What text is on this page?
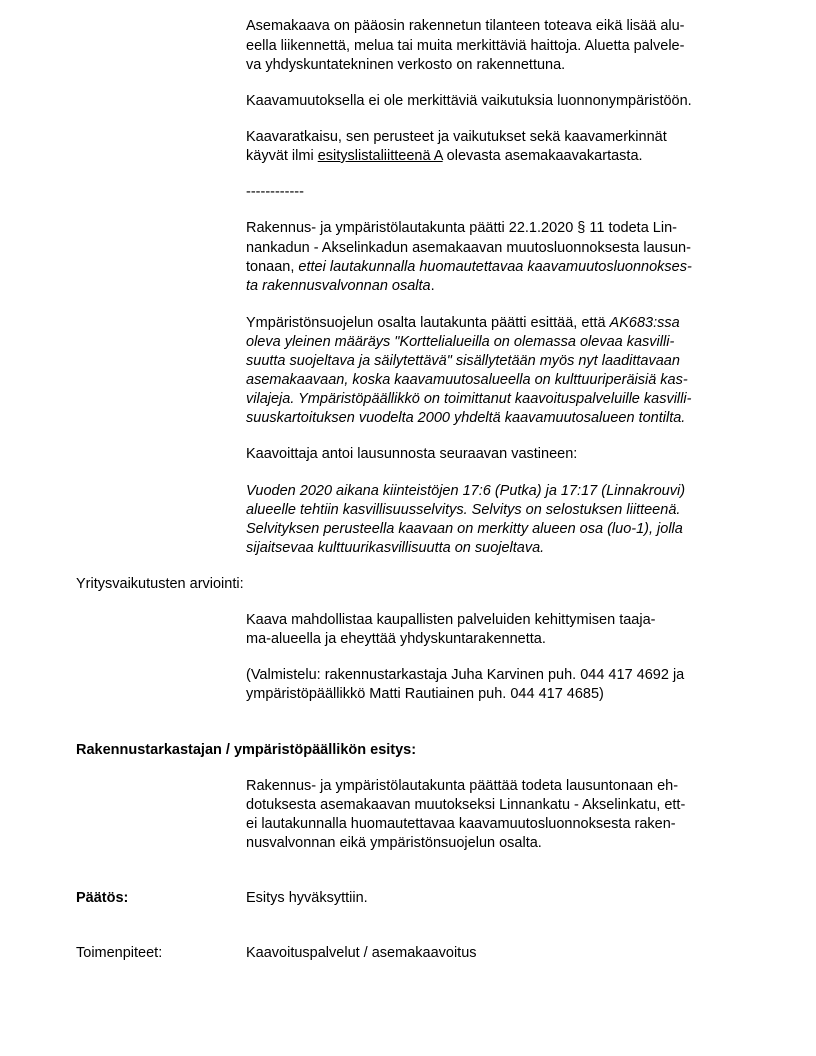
Asemakaava on pääosin rakennetun tilanteen toteava eikä lisää alu-
eella liikennettä, melua tai muita merkittäviä haittoja. Aluetta palvele-
va yhdyskuntatekninen verkosto on rakennettuna.
Kaavamuutoksella ei ole merkittäviä vaikutuksia luonnonympäristöön.
Kaavaratkaisu, sen perusteet ja vaikutukset sekä kaavamerkinnät
käyvät ilmi esityslistaliitteenä A olevasta asemakaavakartasta.
------------
Rakennus- ja ympäristölautakunta päätti 22.1.2020 § 11 todeta Lin-
nankadun - Akselinkadun asemakaavan muutosluonnoksesta lausun-
tonaan, ettei lautakunnalla huomautettavaa kaavamuutosluonnokses-
ta rakennusvalvonnan osalta.
Ympäristönsuojelun osalta lautakunta päätti esittää, että AK683:ssa
oleva yleinen määräys "Korttelialueilla on olemassa olevaa kasvilli-
suutta suojeltava ja säilytettävä" sisällytetään myös nyt laadittavaan
asemakaavaan, koska kaavamuutosalueella on kulttuuriperäisiä kas-
vilajeja. Ympäristöpäällikkö on toimittanut kaavoituspalveluille kasvilli-
suuskartoituksen vuodelta 2000 yhdeltä kaavamuutosalueen tontilta.
Kaavoittaja antoi lausunnosta seuraavan vastineen:
Vuoden 2020 aikana kiinteistöjen 17:6 (Putka) ja 17:17 (Linnakrouvi)
alueelle tehtiin kasvillisuusselvitys. Selvitys on selostuksen liitteenä.
Selvityksen perusteella kaavaan on merkitty alueen osa (luo-1), jolla
sijaitsevaa kulttuurikasvillisuutta on suojeltava.
Yritysvaikutusten arviointi:
Kaava mahdollistaa kaupallisten palveluiden kehittymisen taaja-
ma-alueella ja eheyttää yhdyskuntarakennetta.
(Valmistelu: rakennustarkastaja Juha Karvinen puh. 044 417 4692 ja
ympäristöpäällikkö Matti Rautiainen puh. 044 417 4685)
Rakennustarkastajan / ympäristöpäällikön esitys:
Rakennus- ja ympäristölautakunta päättää todeta lausuntonaan eh-
dotuksesta asemakaavan muutokseksi Linnankatu - Akselinkatu, ett-
ei lautakunnalla huomautettavaa kaavamuutosluonnoksesta raken-
nusvalvonnan eikä ympäristönsuojelun osalta.
Päätös:	Esitys hyväksyttiin.
Toimenpiteet:	Kaavoituspalvelut / asemakaavoitus
